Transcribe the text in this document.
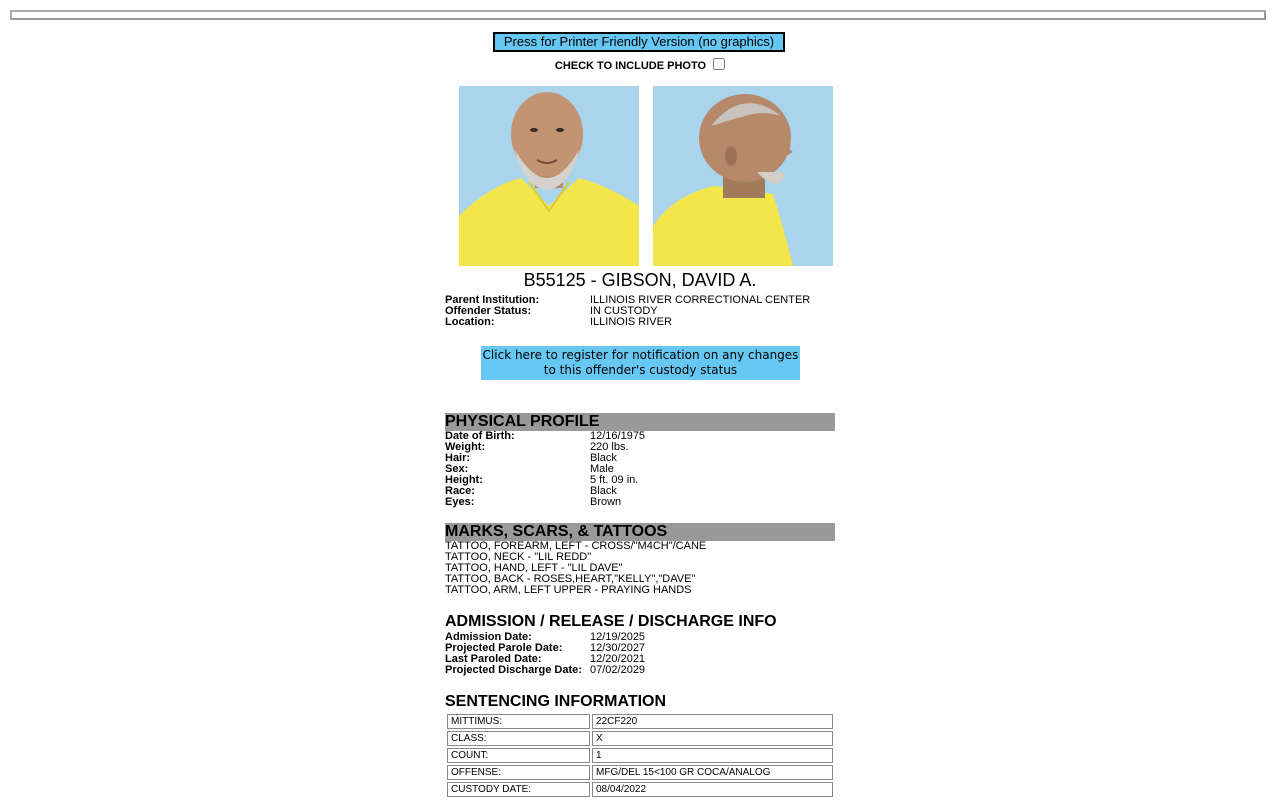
Press for Printer Friendly Version (no graphics)
CHECK TO INCLUDE PHOTO
B55125 - GIBSON, DAVID A.
Parent Institution:	ILLINOIS RIVER CORRECTIONAL CENTER
Offender Status:	IN CUSTODY
Location:	ILLINOIS RIVER
Click here to register for notification on any changes to this offender's custody status
PHYSICAL PROFILE
Date of Birth:	12/16/1975
Weight:	220 lbs.
Hair:	Black
Sex:	Male
Height:	5 ft. 09 in.
Race:	Black
Eyes:	Brown
MARKS, SCARS, & TATTOOS
TATTOO, FOREARM, LEFT - CROSS/"M4CH"/CANE
TATTOO, NECK - "LIL REDD"
TATTOO, HAND, LEFT - "LIL DAVE"
TATTOO, BACK - ROSES,HEART,"KELLY","DAVE"
TATTOO, ARM, LEFT UPPER - PRAYING HANDS
ADMISSION / RELEASE / DISCHARGE INFO
Admission Date:	12/19/2025
Projected Parole Date:	12/30/2027
Last Paroled Date:	12/20/2021
Projected Discharge Date: 07/02/2029
SENTENCING INFORMATION
MITTIMUS:	22CF220
CLASS:	X
COUNT:	1
OFFENSE:	MFG/DEL 15<100 GR COCA/ANALOG
CUSTODY DATE:	08/04/2022
